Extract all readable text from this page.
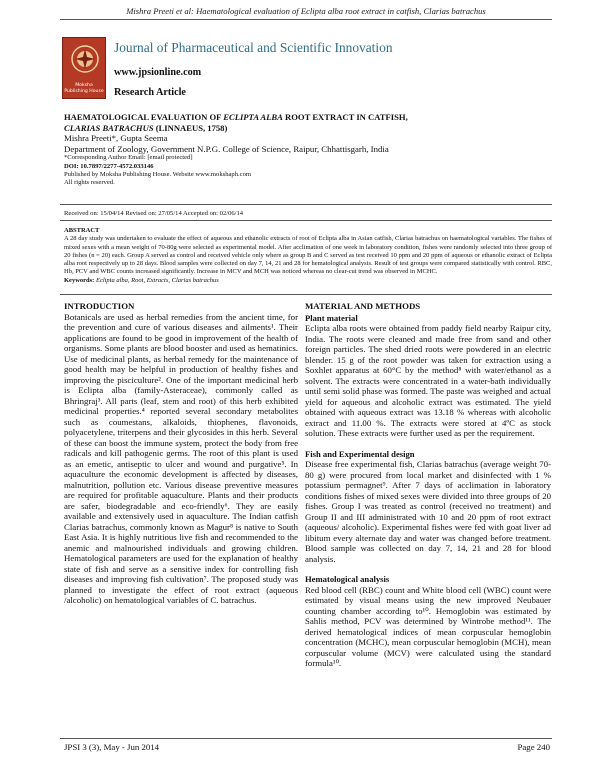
Mishra Preeti et al: Haematological evaluation of Eclipta alba root extract in catfish, Clarias batrachus
Moksha
Publishing House
Journal of Pharmaceutical and Scientific Innovation
www.jpsionline.com
Research Article
HAEMATOLOGICAL EVALUATION OF ECLIPTA ALBA ROOT EXTRACT IN CATFISH,
CLARIAS BATRACHUS (LINNAEUS, 1758)
Mishra Preeti*, Gupta Seema
Department of Zoology, Government N.P.G. College of Science, Raipur, Chhattisgarh, India
*Corresponding Author Email: [email protected]
DOI: 10.7897/2277-4572.033146
Published by Moksha Publishing House. Website www.mokshaph.com
All rights reserved.
Received on: 15/04/14 Revised on: 27/05/14 Accepted on: 02/06/14
ABSTRACT
A 28 day study was undertaken to evaluate the effect of aqueous and ethanolic extracts of root of Eclipta alba in Asian catfish, Clarias batrachus on haematological variables. The fishes of mixed sexes with a mean weight of 70-80g were selected as experimental model. After acclimation of one week in laboratory condition, fishes were randomly selected into three group of 20 fishes (n = 20) each. Group A served as control and received vehicle only where as group B and C served as test received 10 ppm and 20 ppm of aqueous or ethanolic extract of Eclipta alba root respectively up to 28 days. Blood samples were collected on day 7, 14, 21 and 28 for hematological analysis. Result of test groups were compared statistically with control. RBC, Hb, PCV and WBC counts increased significantly. Increase in MCV and MCH was noticed whereas no clear-cut trend was observed in MCHC.
Keywords: Eclipta alba, Root, Extracts, Clarias batrachus
INTRODUCTION

Botanicals are used as herbal remedies from the ancient time, for the prevention and cure of various diseases and ailments¹. Their applications are found to be good in improvement of the health of organisms. Some plants are blood booster and used as hematinics. Use of medicinal plants, as herbal remedy for the maintenance of good health may be helpful in production of healthy fishes and improving the pisciculture². One of the important medicinal herb is Eclipta alba (family-Asteraceae), commonly called as Bhringraj³. All parts (leaf, stem and root) of this herb exhibited medicinal properties.⁴ reported several secondary metabolites such as coumestans, alkaloids, thiophenes, flavonoids, polyacetylene, triterpens and their glycosides in this herb. Several of these can boost the immune system, protect the body from free radicals and kill pathogenic germs. The root of this plant is used as an emetic, antiseptic to ulcer and wound and purgative⁵. In aquaculture the economic development is affected by diseases, malnutrition, pollution etc. Various disease preventive measures are required for profitable aquaculture. Plants and their products are safer, biodegradable and eco-friendly⁶. They are easily available and extensively used in aquaculture. The Indian catfish Clarias batrachus, commonly known as Magur⁸ is native to South East Asia. It is highly nutritious live fish and recommended to the anemic and malnourished individuals and growing children. Hematological parameters are used for the explanation of healthy state of fish and serve as a sensitive index for controlling fish diseases and improving fish cultivation⁷. The proposed study was planned to investigate the effect of root extract (aqueous /alcoholic) on hematological variables of C. batrachus.

MATERIAL AND METHODS
Plant material

Eclipta alba roots were obtained from paddy field nearby Raipur city, India. The roots were cleaned and made free from sand and other foreign particles. The shed dried roots were powdered in an electric blender. 15 g of the root powder was taken for extraction using a Soxhlet apparatus at 60°C by the method⁸ with water/ethanol as a solvent. The extracts were concentrated in a water-bath individually until semi solid phase was formed. The paste was weighed and actual yield for aqueous and alcoholic extract was estimated. The yield obtained with aqueous extract was 13.18 % whereas with alcoholic extract and 11.00 %. The extracts were stored at 4ºC as stock solution. These extracts were further used as per the requirement.

Fish and Experimental design

Disease free experimental fish, Clarias batrachus (average weight 70-80 g) were procured from local market and disinfected with 1 % potassium permagnet⁹. After 7 days of acclimation in laboratory conditions fishes of mixed sexes were divided into three groups of 20 fishes. Group I was treated as control (received no treatment) and Group II and III administrated with 10 and 20 ppm of root extract (aqueous/ alcoholic). Experimental fishes were fed with goat liver ad libitum every alternate day and water was changed before treatment. Blood sample was collected on day 7, 14, 21 and 28 for blood analysis.

Hematological analysis

Red blood cell (RBC) count and White blood cell (WBC) count were estimated by visual means using the new improved Neubauer counting chamber according to¹⁰. Hemoglobin was estimated by Sahlis method, PCV was determined by Wintrobe method¹¹. The derived hematological indices of mean corpuscular hemoglobin concentration (MCHC), mean corpuscular hemoglobin (MCH), mean corpuscular volume (MCV) were calculated using the standard formula¹⁰.

JPSI 3 (3), May - Jun 2014	Page 240
